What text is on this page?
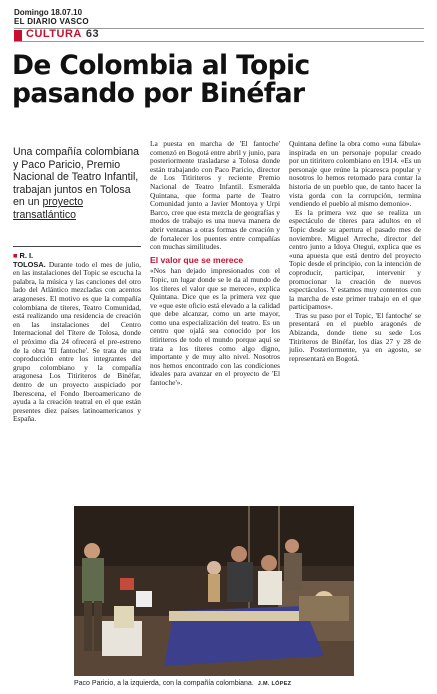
Domingo 18.07.10
EL DIARIO VASCO
CULTURA 63
De Colombia al Topic
pasando por Binéfar
Una compañía colombiana y Paco Paricio, Premio Nacional de Teatro Infantil, trabajan juntos en Tolosa en un proyecto transatlántico
■ R. I.

TOLOSA. Durante todo el mes de julio, en las instalaciones del Topic se escucha la palabra, la música y las canciones del otro lado del Atlántico mezcladas con acentos aragoneses. El motivo es que la compañía colombiana de títeres, Teatro Comunidad, está realizando una residencia de creación en las instalaciones del Centro Internacional del Títere de Tolosa, donde el próximo día 24 ofrecerá el pre-estreno de la obra 'El fantoche'. Se trata de una coproducción entre los integrantes del grupo colombiano y la compañía aragonesa Los Titiriteros de Binéfar, dentro de un proyecto auspiciado por Iberescena, el Fondo Iberoamericano de ayuda a la creación teatral en el que están presentes diez países latinoamericanos y España.

La puesta en marcha de 'El fantoche' comenzó en Bogotá entre abril y junio, para posteriormente trasladarse a Tolosa donde están trabajando con Paco Paricio, director de Los Titiriteros y reciente Premio Nacional de Teatro Infantil. Esmeralda Quintana, que forma parte de Teatro Comunidad junto a Javier Montoya y Urpi Barco, cree que esta mezcla de geografías y modos de trabajo es una nueva manera de abrir ventanas a otras formas de creación y de fortalecer los puentes entre compañías con muchas similitudes.

El valor que se merece

«Nos han dejado impresionados con el Topic, un lugar donde se le da al mundo de los títeres el valor que se merece», explica Quintana. Dice que es la primera vez que ve «que este oficio está elevado a la calidad que debe alcanzar, como un arte mayor, como una especialización del teatro. Es un centro que ojalá sea conocido por los titiriteros de todo el mundo porque aquí se trata a los títeres como algo digno, importante y de muy alto nivel. Nosotros nos hemos encontrado con las condiciones ideales para avanzar en el proyecto de 'El fantoche'».

Quintana define la obra como «una fábula» inspirada en un personaje popular creado por un titiritero colombiano en 1914. «Es un personaje que reúne la picaresca popular y nosotros lo hemos retomado para contar la historia de un pueblo que, de tanto hacer la vista gorda con la corrupción, termina vendiendo el pueblo al mismo demonio».

Es la primera vez que se realiza un espectáculo de títeres para adultos en el Topic desde su apertura el pasado mes de noviembre. Miguel Arreche, director del centro junto a Idoya Otegui, explica que es «una apuesta que está dentro del proyecto Topic desde el principio, con la intención de coproducir, participar, intervenir y promocionar la creación de nuevos espectáculos. Y estamos muy contentos con la marcha de este primer trabajo en el que participamos».

Tras su paso por el Topic, 'El fantoche' se presentará en el pueblo aragonés de Abizanda, donde tiene su sede Los Titiriteros de Binéfar, los días 27 y 28 de julio. Posteriormente, ya en agosto, se representará en Bogotá.

Paco Paricio, a la izquierda, con la compañía colombiana. J.M. LÓPEZ
